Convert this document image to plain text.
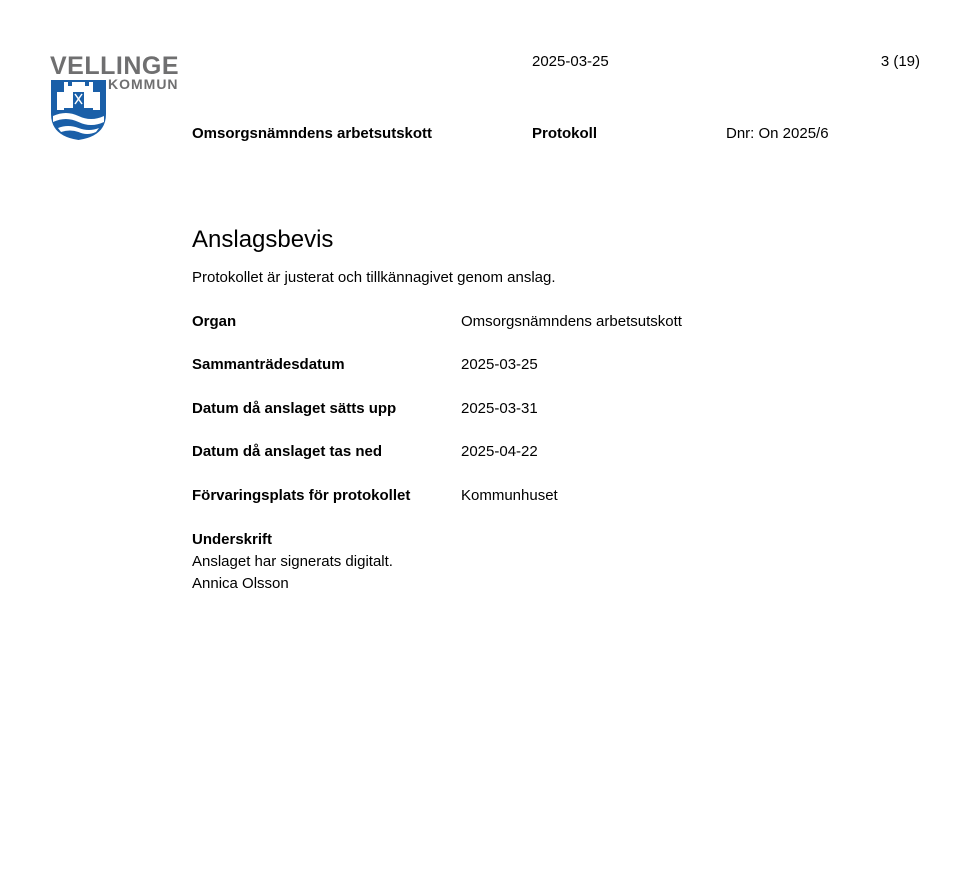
VELLINGE
KOMMUN
2025-03-25	3 (19)
Omsorgsnämndens arbetsutskott	Protokoll	Dnr: On 2025/6
Anslagsbevis
Protokollet är justerat och tillkännagivet genom anslag.
Organ	Omsorgsnämndens arbetsutskott
Sammanträdesdatum	2025-03-25
Datum då anslaget sätts upp	2025-03-31
Datum då anslaget tas ned	2025-04-22
Förvaringsplats för protokollet	Kommunhuset
Underskrift
Anslaget har signerats digitalt.
Annica Olsson
